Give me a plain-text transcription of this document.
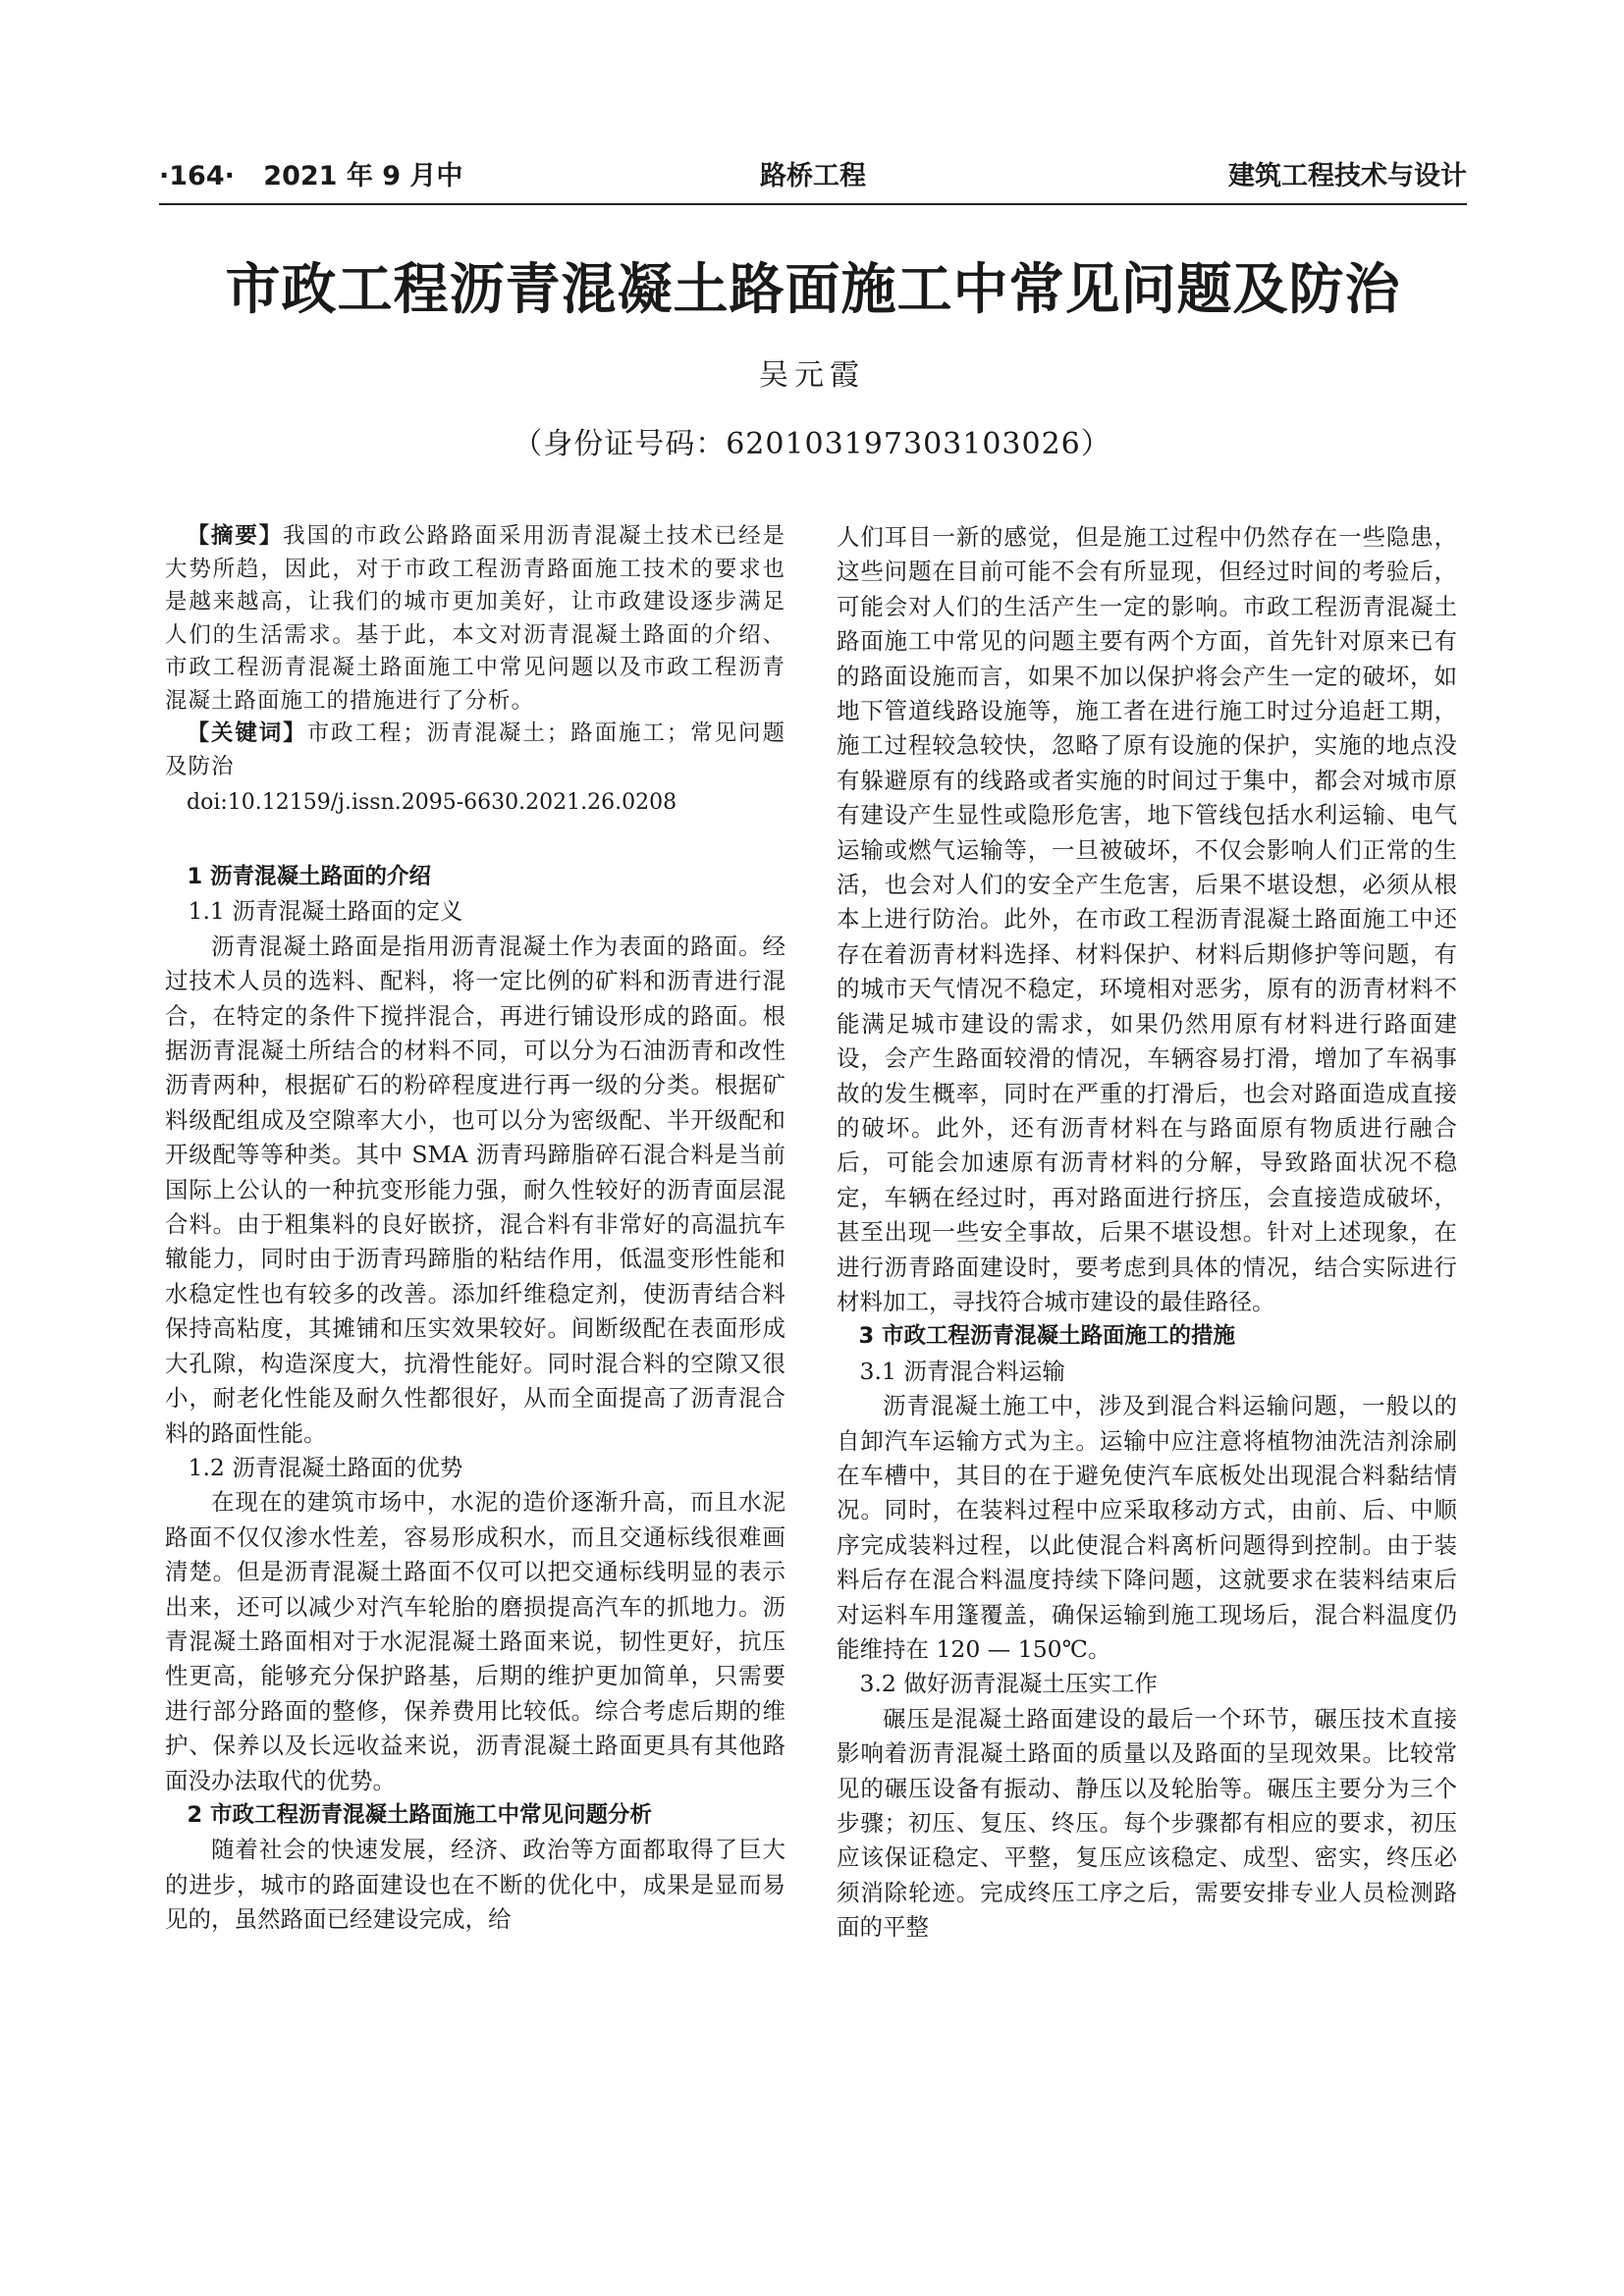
·164· 2021 年 9 月中	路桥工程	建筑工程技术与设计
市政工程沥青混凝土路面施工中常见问题及防治
吴元霞
（身份证号码：620103197303103026）

【摘要】我国的市政公路路面采用沥青混凝土技术已经是大势所趋，因此，对于市政工程沥青路面施工技术的要求也是越来越高，让我们的城市更加美好，让市政建设逐步满足人们的生活需求。基于此，本文对沥青混凝土路面的介绍、市政工程沥青混凝土路面施工中常见问题以及市政工程沥青混凝土路面施工的措施进行了分析。

【关键词】市政工程；沥青混凝土；路面施工；常见问题及防治

doi:10.12159/j.issn.2095-6630.2021.26.0208

1 沥青混凝土路面的介绍
1.1 沥青混凝土路面的定义

沥青混凝土路面是指用沥青混凝土作为表面的路面。经过技术人员的选料、配料，将一定比例的矿料和沥青进行混合，在特定的条件下搅拌混合，再进行铺设形成的路面。根据沥青混凝土所结合的材料不同，可以分为石油沥青和改性沥青两种，根据矿石的粉碎程度进行再一级的分类。根据矿料级配组成及空隙率大小，也可以分为密级配、半开级配和开级配等等种类。其中 SMA 沥青玛蹄脂碎石混合料是当前国际上公认的一种抗变形能力强，耐久性较好的沥青面层混合料。由于粗集料的良好嵌挤，混合料有非常好的高温抗车辙能力，同时由于沥青玛蹄脂的粘结作用，低温变形性能和水稳定性也有较多的改善。添加纤维稳定剂，使沥青结合料保持高粘度，其摊铺和压实效果较好。间断级配在表面形成大孔隙，构造深度大，抗滑性能好。同时混合料的空隙又很小，耐老化性能及耐久性都很好，从而全面提高了沥青混合料的路面性能。

1.2 沥青混凝土路面的优势

在现在的建筑市场中，水泥的造价逐渐升高，而且水泥路面不仅仅渗水性差，容易形成积水，而且交通标线很难画清楚。但是沥青混凝土路面不仅可以把交通标线明显的表示出来，还可以减少对汽车轮胎的磨损提高汽车的抓地力。沥青混凝土路面相对于水泥混凝土路面来说，韧性更好，抗压性更高，能够充分保护路基，后期的维护更加简单，只需要进行部分路面的整修，保养费用比较低。综合考虑后期的维护、保养以及长远收益来说，沥青混凝土路面更具有其他路面没办法取代的优势。

2 市政工程沥青混凝土路面施工中常见问题分析

随着社会的快速发展，经济、政治等方面都取得了巨大的进步，城市的路面建设也在不断的优化中，成果是显而易见的，虽然路面已经建设完成，给

人们耳目一新的感觉，但是施工过程中仍然存在一些隐患，这些问题在目前可能不会有所显现，但经过时间的考验后，可能会对人们的生活产生一定的影响。市政工程沥青混凝土路面施工中常见的问题主要有两个方面，首先针对原来已有的路面设施而言，如果不加以保护将会产生一定的破坏，如地下管道线路设施等，施工者在进行施工时过分追赶工期，施工过程较急较快，忽略了原有设施的保护，实施的地点没有躲避原有的线路或者实施的时间过于集中，都会对城市原有建设产生显性或隐形危害，地下管线包括水利运输、电气运输或燃气运输等，一旦被破坏，不仅会影响人们正常的生活，也会对人们的安全产生危害，后果不堪设想，必须从根本上进行防治。此外，在市政工程沥青混凝土路面施工中还存在着沥青材料选择、材料保护、材料后期修护等问题，有的城市天气情况不稳定，环境相对恶劣，原有的沥青材料不能满足城市建设的需求，如果仍然用原有材料进行路面建设，会产生路面较滑的情况，车辆容易打滑，增加了车祸事故的发生概率，同时在严重的打滑后，也会对路面造成直接的破坏。此外，还有沥青材料在与路面原有物质进行融合后，可能会加速原有沥青材料的分解，导致路面状况不稳定，车辆在经过时，再对路面进行挤压，会直接造成破坏，甚至出现一些安全事故，后果不堪设想。针对上述现象，在进行沥青路面建设时，要考虑到具体的情况，结合实际进行材料加工，寻找符合城市建设的最佳路径。

3 市政工程沥青混凝土路面施工的措施
3.1 沥青混合料运输

沥青混凝土施工中，涉及到混合料运输问题，一般以的自卸汽车运输方式为主。运输中应注意将植物油洗洁剂涂刷在车槽中，其目的在于避免使汽车底板处出现混合料黏结情况。同时，在装料过程中应采取移动方式，由前、后、中顺序完成装料过程，以此使混合料离析问题得到控制。由于装料后存在混合料温度持续下降问题，这就要求在装料结束后对运料车用篷覆盖，确保运输到施工现场后，混合料温度仍能维持在 120 — 150℃。

3.2 做好沥青混凝土压实工作

碾压是混凝土路面建设的最后一个环节，碾压技术直接影响着沥青混凝土路面的质量以及路面的呈现效果。比较常见的碾压设备有振动、静压以及轮胎等。碾压主要分为三个步骤；初压、复压、终压。每个步骤都有相应的要求，初压应该保证稳定、平整，复压应该稳定、成型、密实，终压必须消除轮迹。完成终压工序之后，需要安排专业人员检测路面的平整
